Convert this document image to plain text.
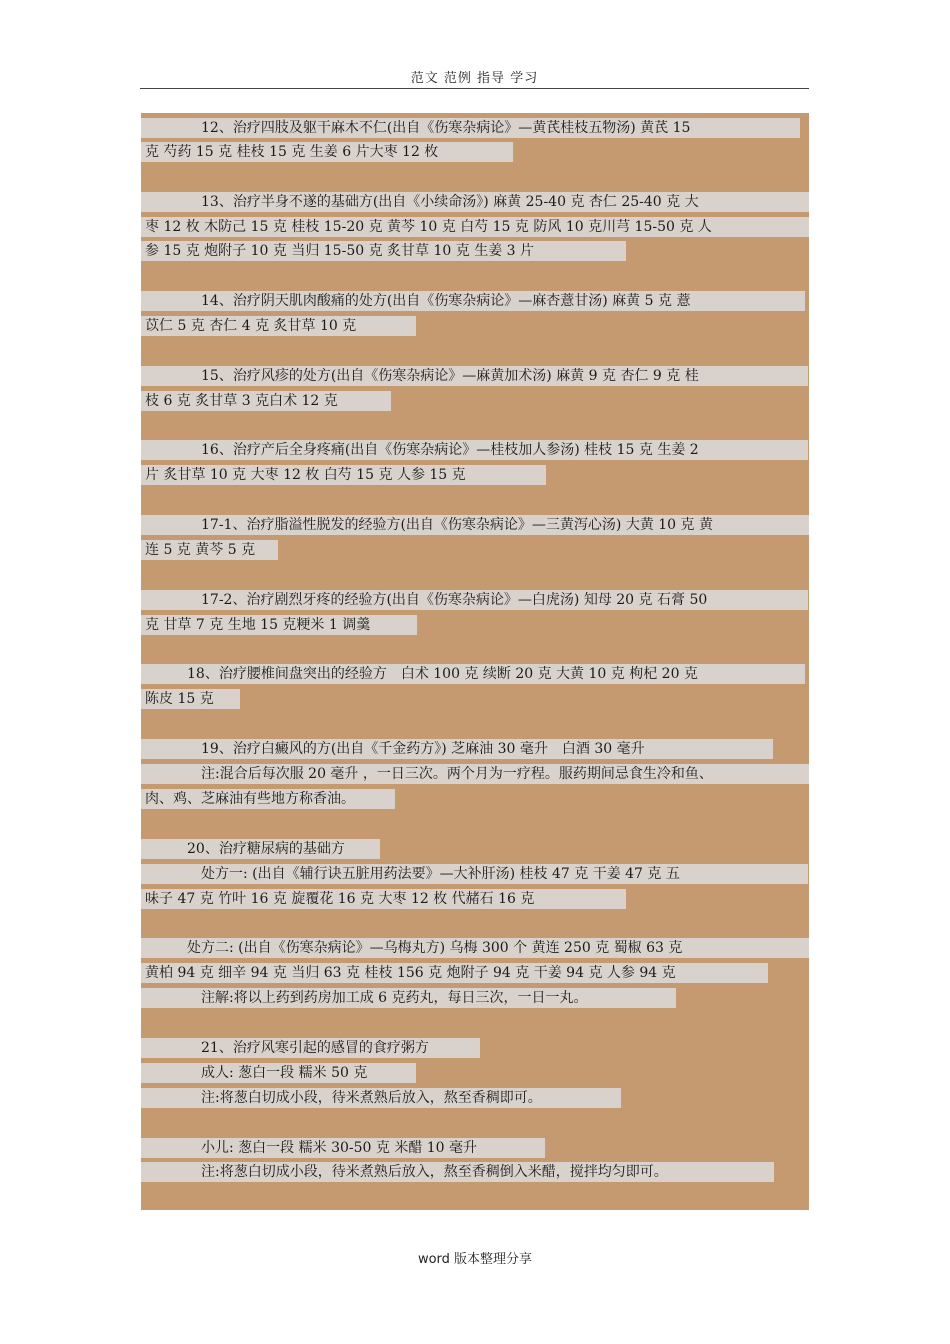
范文 范例 指导 学习
　　　　12、治疗四肢及躯干麻木不仁(出自《伤寒杂病论》—黄芪桂枝五物汤) 黄芪 15
克 芍药 15 克 桂枝 15 克 生姜 6 片大枣 12 枚
　　　　13、治疗半身不遂的基础方(出自《小续命汤》) 麻黄 25-40 克 杏仁 25-40 克 大
枣 12 枚 木防己 15 克 桂枝 15-20 克 黄芩 10 克 白芍 15 克 防风 10 克川芎 15-50 克 人
参 15 克 炮附子 10 克 当归 15-50 克 炙甘草 10 克 生姜 3 片
　　　　14、治疗阴天肌肉酸痛的处方(出自《伤寒杂病论》—麻杏薏甘汤) 麻黄 5 克 薏
苡仁 5 克 杏仁 4 克 炙甘草 10 克
　　　　15、治疗风疹的处方(出自《伤寒杂病论》—麻黄加术汤) 麻黄 9 克 杏仁 9 克 桂
枝 6 克 炙甘草 3 克白术 12 克
　　　　16、治疗产后全身疼痛(出自《伤寒杂病论》—桂枝加人参汤) 桂枝 15 克 生姜 2
片 炙甘草 10 克 大枣 12 枚 白芍 15 克 人参 15 克
　　　　17-1、治疗脂溢性脱发的经验方(出自《伤寒杂病论》—三黄泻心汤) 大黄 10 克 黄
连 5 克 黄芩 5 克
　　　　17-2、治疗剧烈牙疼的经验方(出自《伤寒杂病论》—白虎汤) 知母 20 克 石膏 50
克 甘草 7 克 生地 15 克粳米 1 调羹
　　　18、治疗腰椎间盘突出的经验方　白术 100 克 续断 20 克 大黄 10 克 枸杞 20 克
陈皮 15 克
　　　　19、治疗白癜风的方(出自《千金药方》) 芝麻油 30 毫升　白酒 30 毫升
　　　　注:混合后每次服 20 毫升 ，一日三次。两个月为一疗程。服药期间忌食生冷和鱼、
肉、鸡、芝麻油有些地方称香油。
　　　20、治疗糖尿病的基础方
　　　　处方一: (出自《辅行诀五脏用药法要》—大补肝汤) 桂枝 47 克 干姜 47 克 五
味子 47 克 竹叶 16 克 旋覆花 16 克 大枣 12 枚 代赭石 16 克
　　　处方二: (出自《伤寒杂病论》—乌梅丸方) 乌梅 300 个 黄连 250 克 蜀椒 63 克
黄柏 94 克 细辛 94 克 当归 63 克 桂枝 156 克 炮附子 94 克 干姜 94 克 人参 94 克
　　　　注解:将以上药到药房加工成 6 克药丸，每日三次，一日一丸。
　　　　21、治疗风寒引起的感冒的食疗粥方
　　　　成人: 葱白一段 糯米 50 克
　　　　注:将葱白切成小段，待米煮熟后放入，熬至香稠即可。
　　　　小儿: 葱白一段 糯米 30-50 克 米醋 10 毫升
　　　　注:将葱白切成小段，待米煮熟后放入，熬至香稠倒入米醋，搅拌均匀即可。
word 版本整理分享
